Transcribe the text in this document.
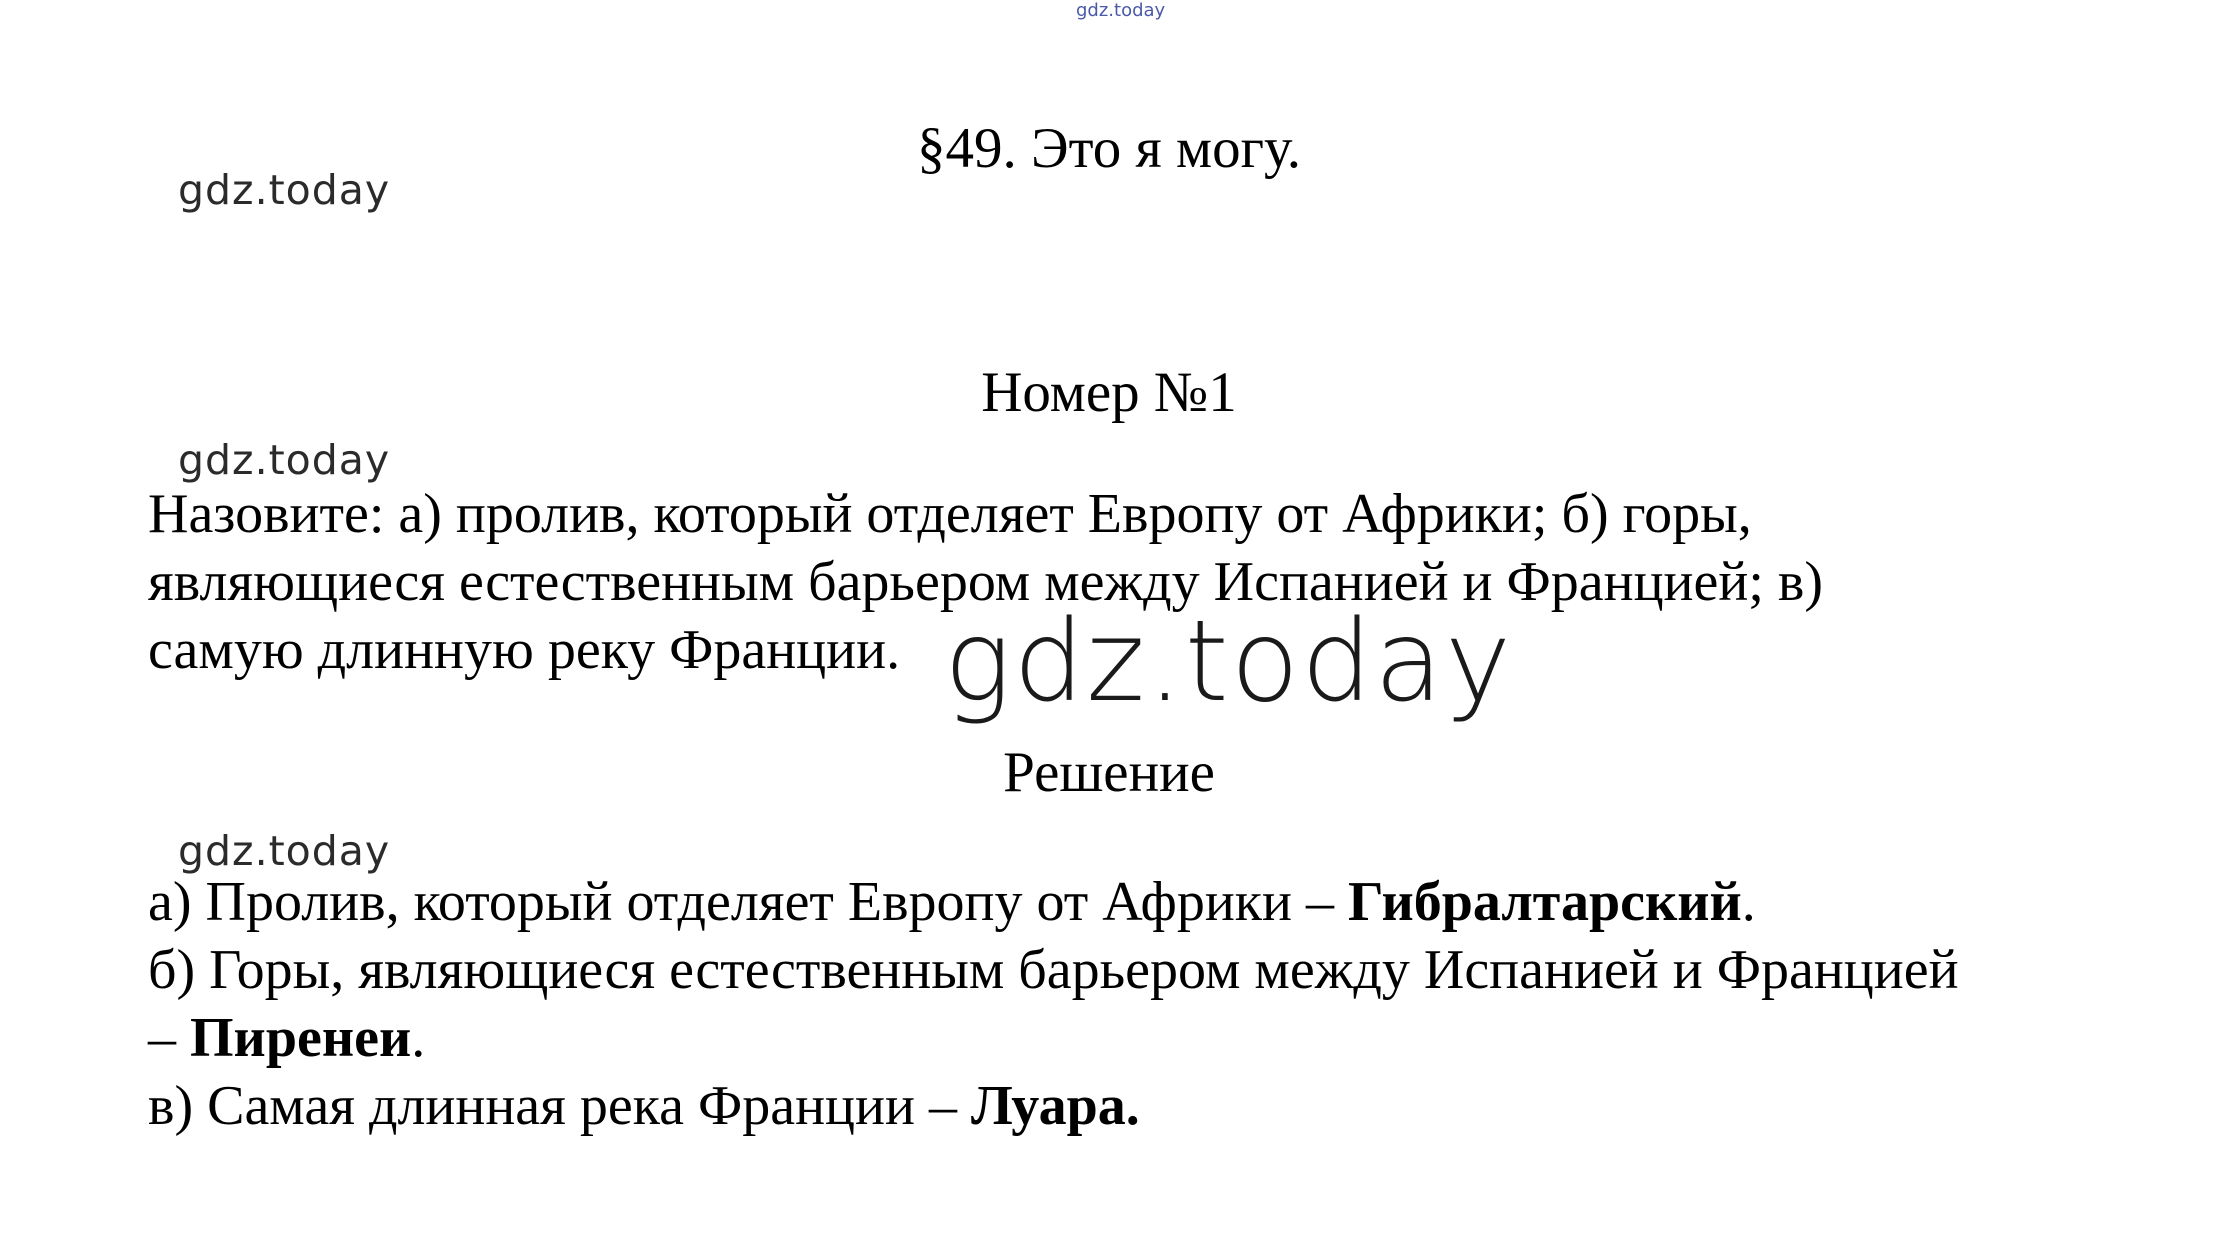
gdz.today
gdz.today
gdz.today
gdz.today
§49. Это я могу.
Номер №1
Назовите: а) пролив, который отделяет Европу от Африки; б) горы,
являющиеся естественным барьером между Испанией и Францией; в)
самую длинную реку Франции. gdz.today
Решение
а) Пролив, который отделяет Европу от Африки – Гибралтарский.
б) Горы, являющиеся естественным барьером между Испанией и Францией
– Пиренеи.
в) Самая длинная река Франции – Луара.
